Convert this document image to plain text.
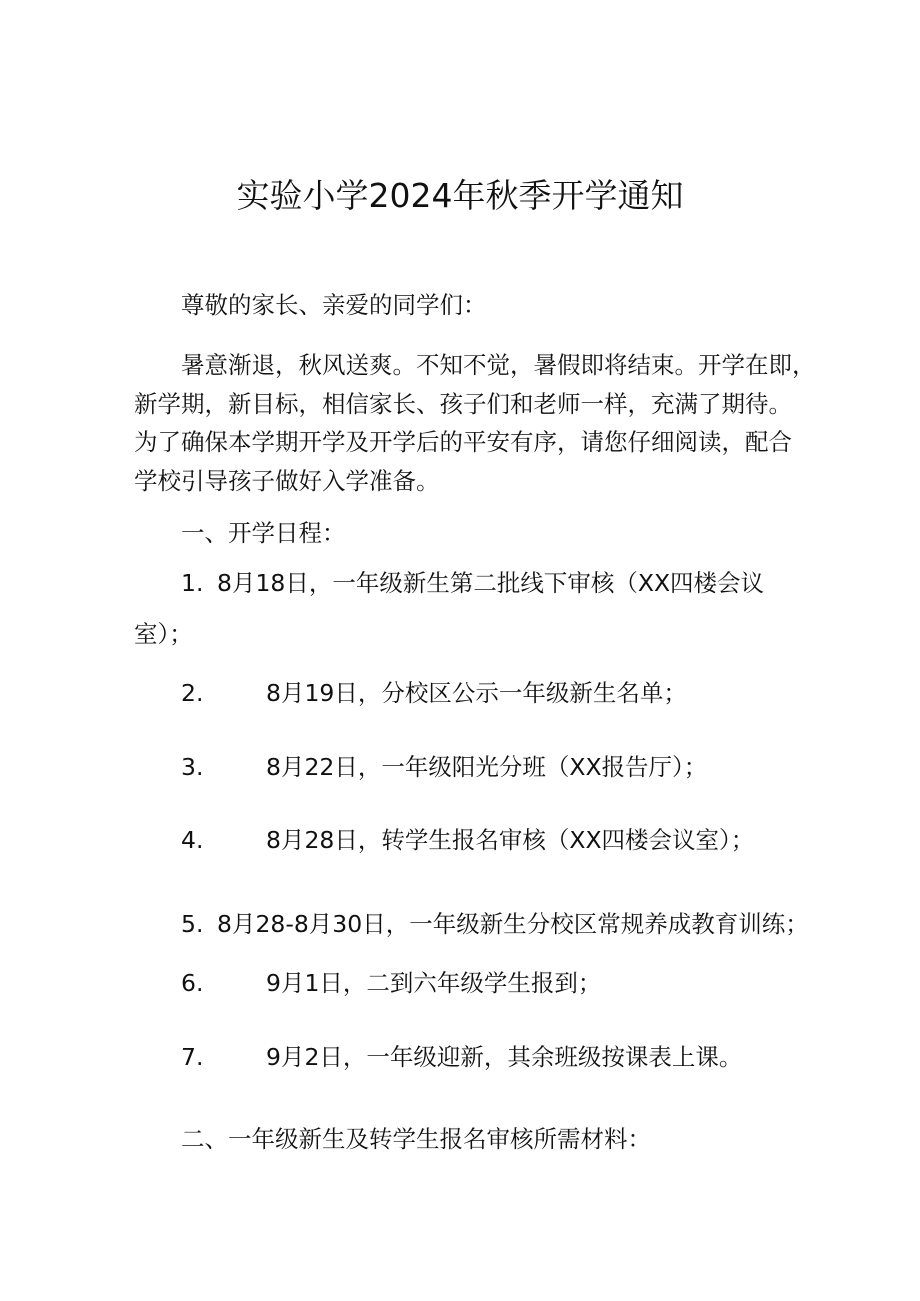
实验小学2024年秋季开学通知

尊敬的家长、亲爱的同学们：

暑意渐退，秋风送爽。不知不觉，暑假即将结束。开学在即，

新学期，新目标，相信家长、孩子们和老师一样，充满了期待。

为了确保本学期开学及开学后的平安有序，请您仔细阅读，配合

学校引导孩子做好入学准备。

一、开学日程：

1. 8月18日，一年级新生第二批线下审核（XX四楼会议
室）；
2.	8月19日，分校区公示一年级新生名单；
3.	8月22日，一年级阳光分班（XX报告厅）；
4.	8月28日，转学生报名审核（XX四楼会议室）；
5. 8月28-8月30日，一年级新生分校区常规养成教育训练；
6.	9月1日，二到六年级学生报到；
7.	9月2日，一年级迎新，其余班级按课表上课。

二、一年级新生及转学生报名审核所需材料：
